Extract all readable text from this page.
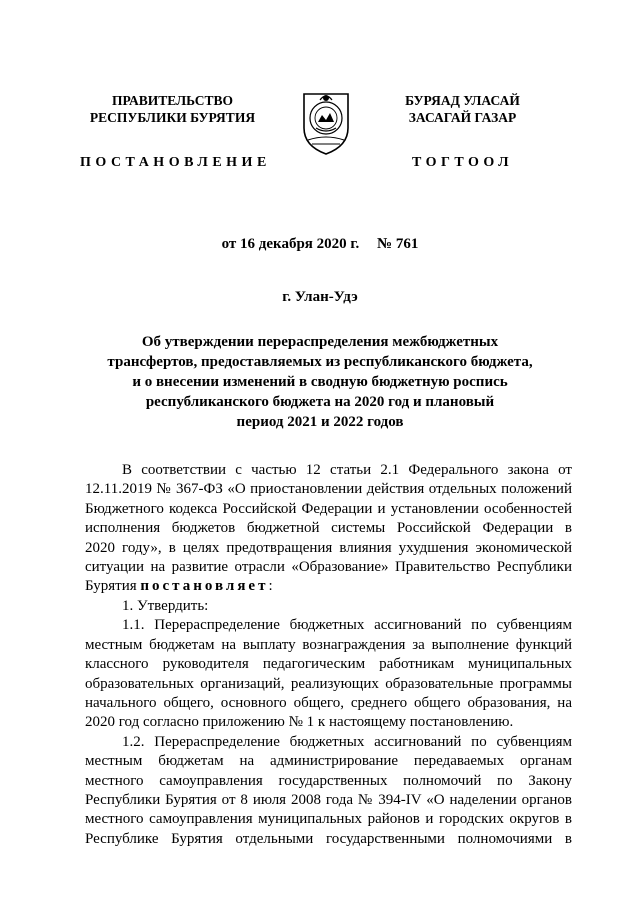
ПРАВИТЕЛЬСТВО
РЕСПУБЛИКИ БУРЯТИЯ
ПОСТАНОВЛЕНИЕ
БУРЯАД УЛАСАЙ
ЗАСАГАЙ ГАЗАР
ТОГТООЛ
от 16 декабря 2020 г. № 761
г. Улан-Удэ
Об утверждении перераспределения межбюджетных
трансфертов, предоставляемых из республиканского бюджета,
и о внесении изменений в сводную бюджетную роспись
республиканского бюджета на 2020 год и плановый
период 2021 и 2022 годов
В соответствии с частью 12 статьи 2.1 Федерального закона от
12.11.2019 № 367-ФЗ «О приостановлении действия отдельных положений
Бюджетного кодекса Российской Федерации и установлении особенностей
исполнения бюджетов бюджетной системы Российской Федерации в
2020 году», в целях предотвращения влияния ухудшения экономической
ситуации на развитие отрасли «Образование» Правительство Республики
Бурятия постановляет:
1. Утвердить:
1.1. Перераспределение бюджетных ассигнований по субвенциям
местным бюджетам на выплату вознаграждения за выполнение функций
классного руководителя педагогическим работникам муниципальных
образовательных организаций, реализующих образовательные программы
начального общего, основного общего, среднего общего образования, на
2020 год согласно приложению № 1 к настоящему постановлению.
1.2. Перераспределение бюджетных ассигнований по субвенциям
местным бюджетам на администрирование передаваемых органам
местного самоуправления государственных полномочий по Закону
Республики Бурятия от 8 июля 2008 года № 394-IV «О наделении органов
местного самоуправления муниципальных районов и городских округов в
Республике Бурятия отдельными государственными полномочиями в
